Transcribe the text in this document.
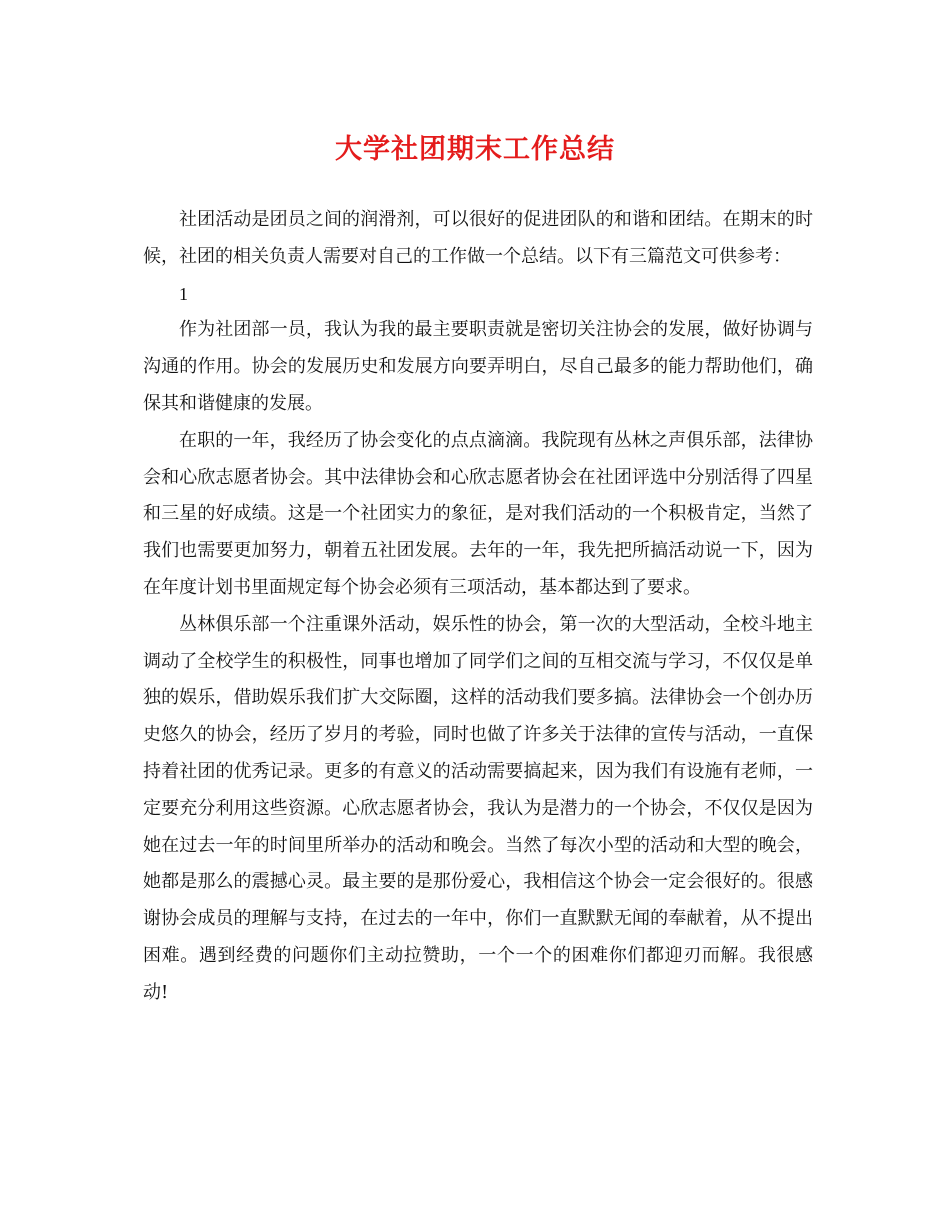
大学社团期末工作总结

社团活动是团员之间的润滑剂，可以很好的促进团队的和谐和团结。在期末的时候，社团的相关负责人需要对自己的工作做一个总结。以下有三篇范文可供参考：

1

作为社团部一员，我认为我的最主要职责就是密切关注协会的发展，做好协调与沟通的作用。协会的发展历史和发展方向要弄明白，尽自己最多的能力帮助他们，确保其和谐健康的发展。

在职的一年，我经历了协会变化的点点滴滴。我院现有丛林之声俱乐部，法律协会和心欣志愿者协会。其中法律协会和心欣志愿者协会在社团评选中分别活得了四星和三星的好成绩。这是一个社团实力的象征，是对我们活动的一个积极肯定，当然了我们也需要更加努力，朝着五社团发展。去年的一年，我先把所搞活动说一下，因为在年度计划书里面规定每个协会必须有三项活动，基本都达到了要求。

丛林俱乐部一个注重课外活动，娱乐性的协会，第一次的大型活动，全校斗地主调动了全校学生的积极性，同事也增加了同学们之间的互相交流与学习，不仅仅是单独的娱乐，借助娱乐我们扩大交际圈，这样的活动我们要多搞。法律协会一个创办历史悠久的协会，经历了岁月的考验，同时也做了许多关于法律的宣传与活动，一直保持着社团的优秀记录。更多的有意义的活动需要搞起来，因为我们有设施有老师，一定要充分利用这些资源。心欣志愿者协会，我认为是潜力的一个协会，不仅仅是因为她在过去一年的时间里所举办的活动和晚会。当然了每次小型的活动和大型的晚会，她都是那么的震撼心灵。最主要的是那份爱心，我相信这个协会一定会很好的。很感谢协会成员的理解与支持，在过去的一年中，你们一直默默无闻的奉献着，从不提出困难。遇到经费的问题你们主动拉赞助，一个一个的困难你们都迎刃而解。我很感动!
